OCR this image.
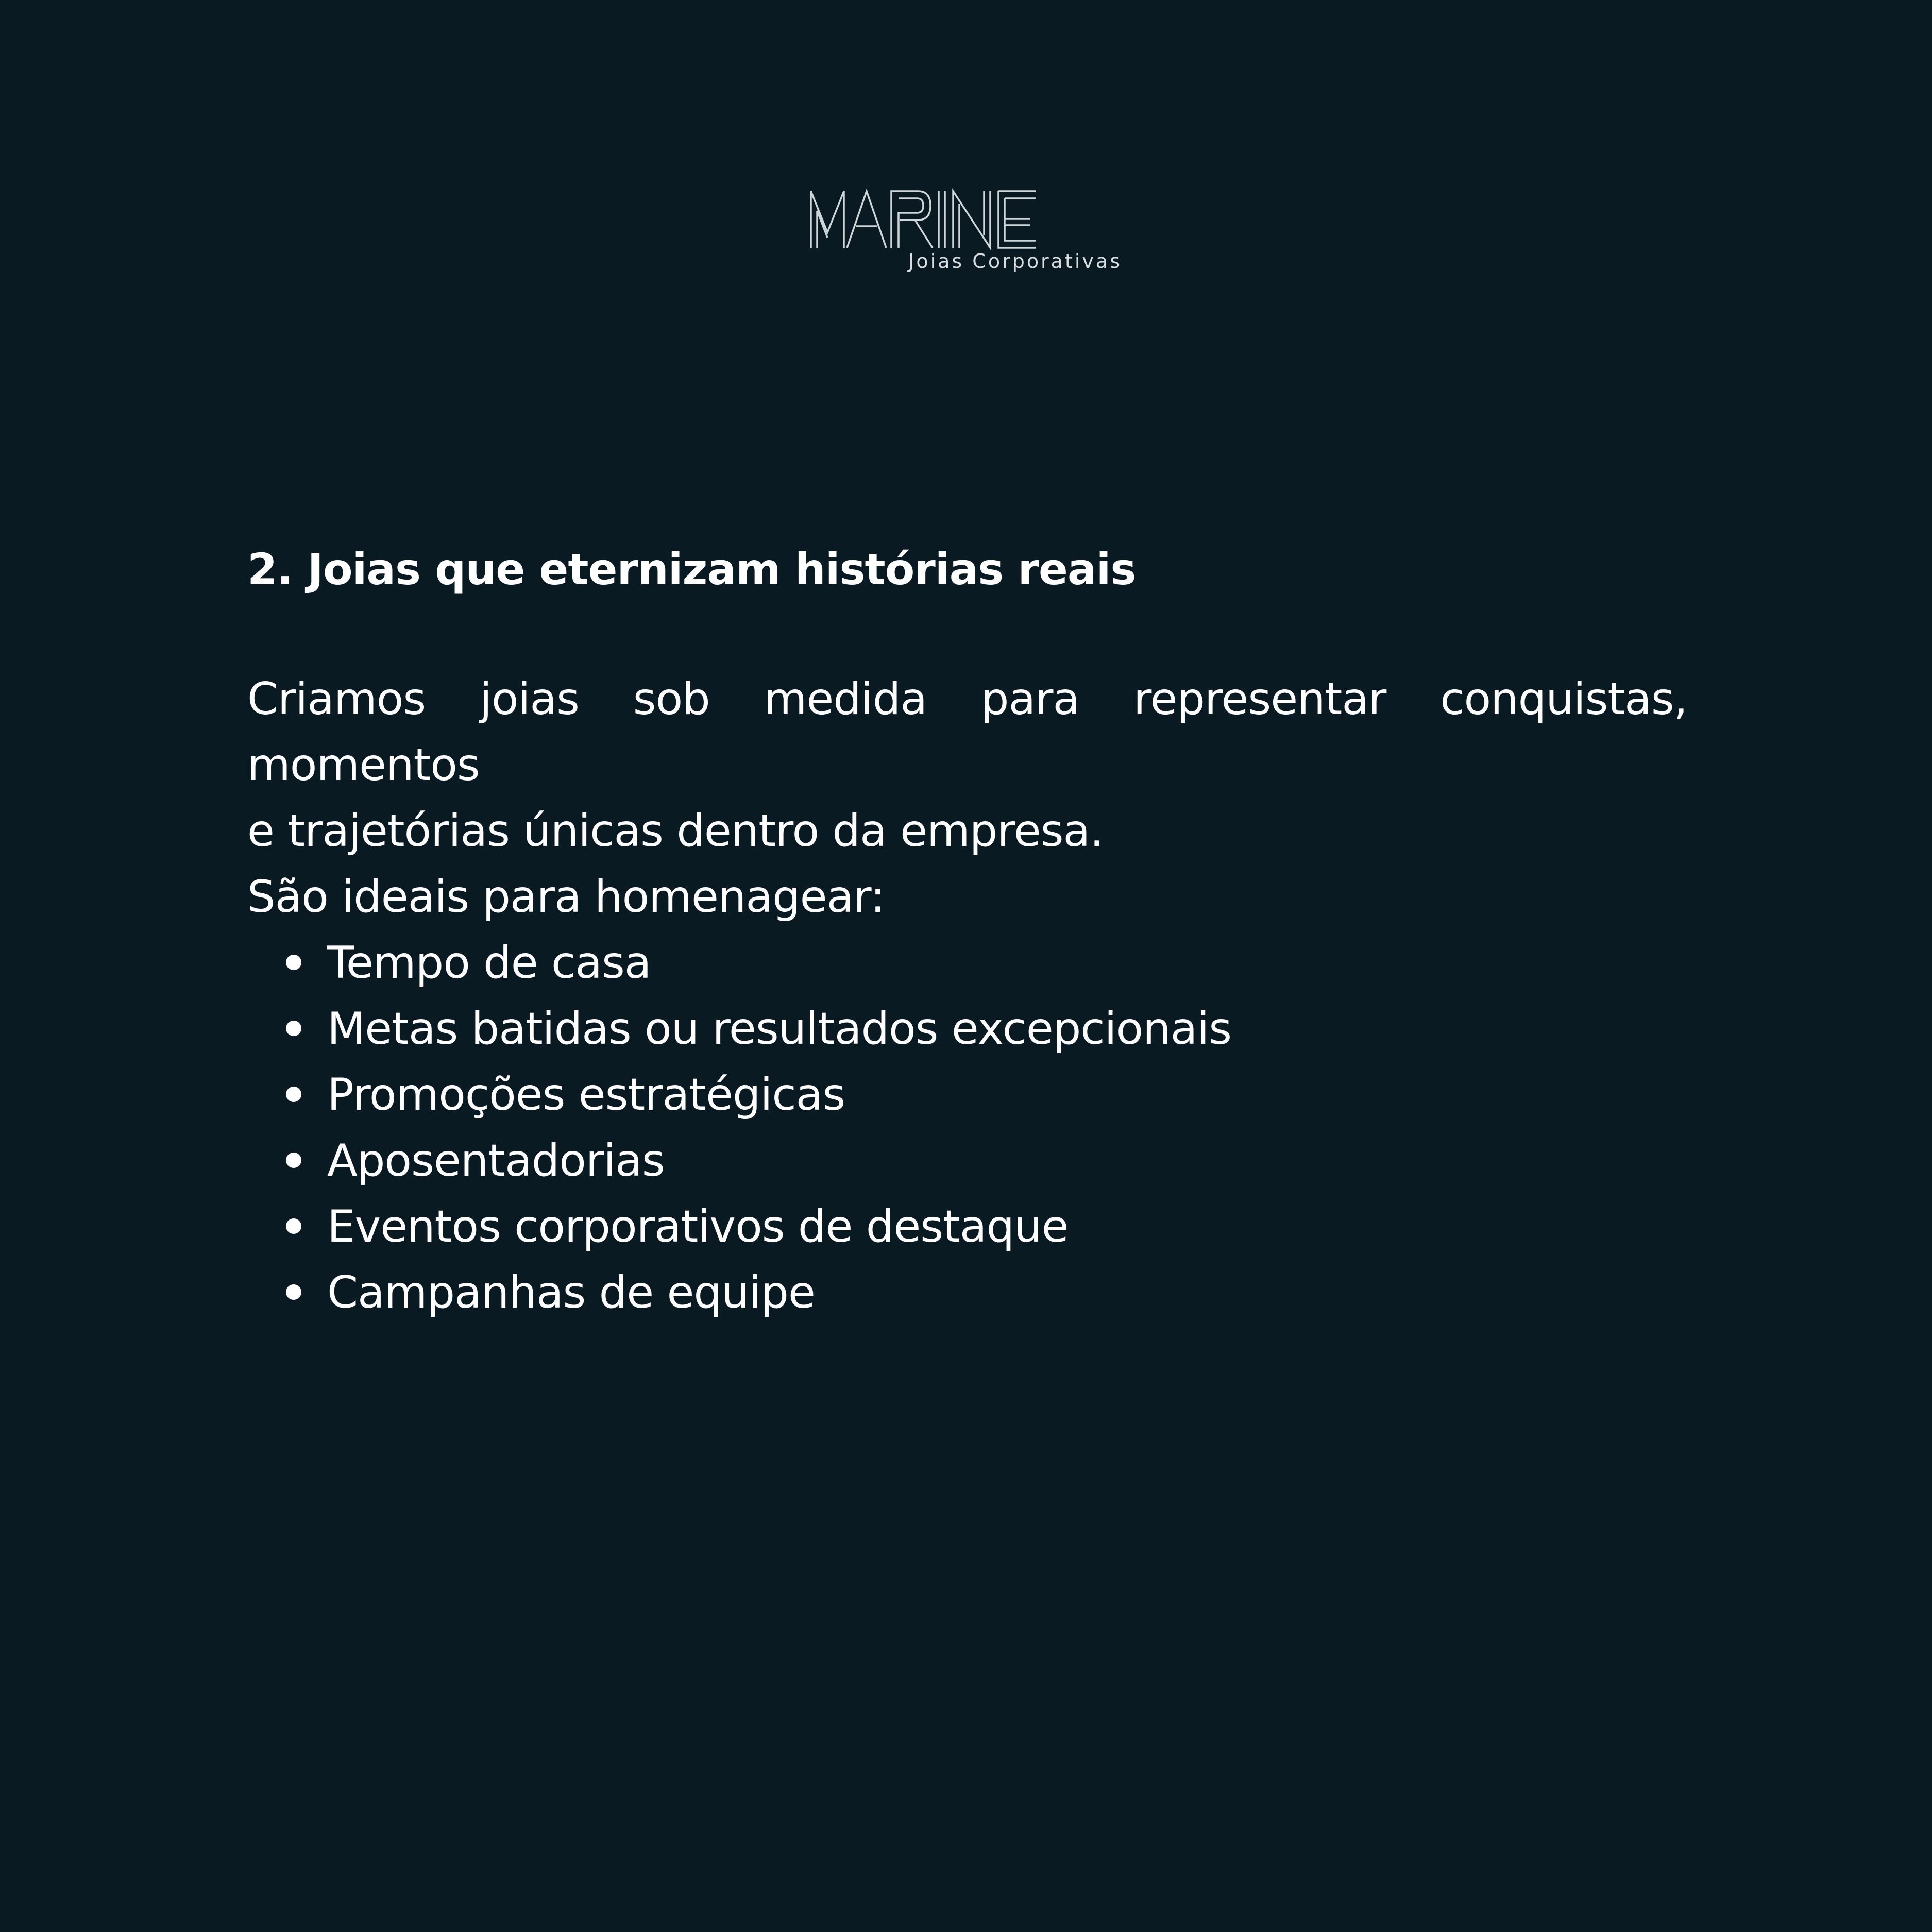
Joias Corporativas
2. Joias que eternizam histórias reais

Criamos joias sob medida para representar conquistas,
momentos
e trajetórias únicas dentro da empresa.
São ideais para homenagear:

Tempo de casa
Metas batidas ou resultados excepcionais
Promoções estratégicas
Aposentadorias
Eventos corporativos de destaque
Campanhas de equipe
